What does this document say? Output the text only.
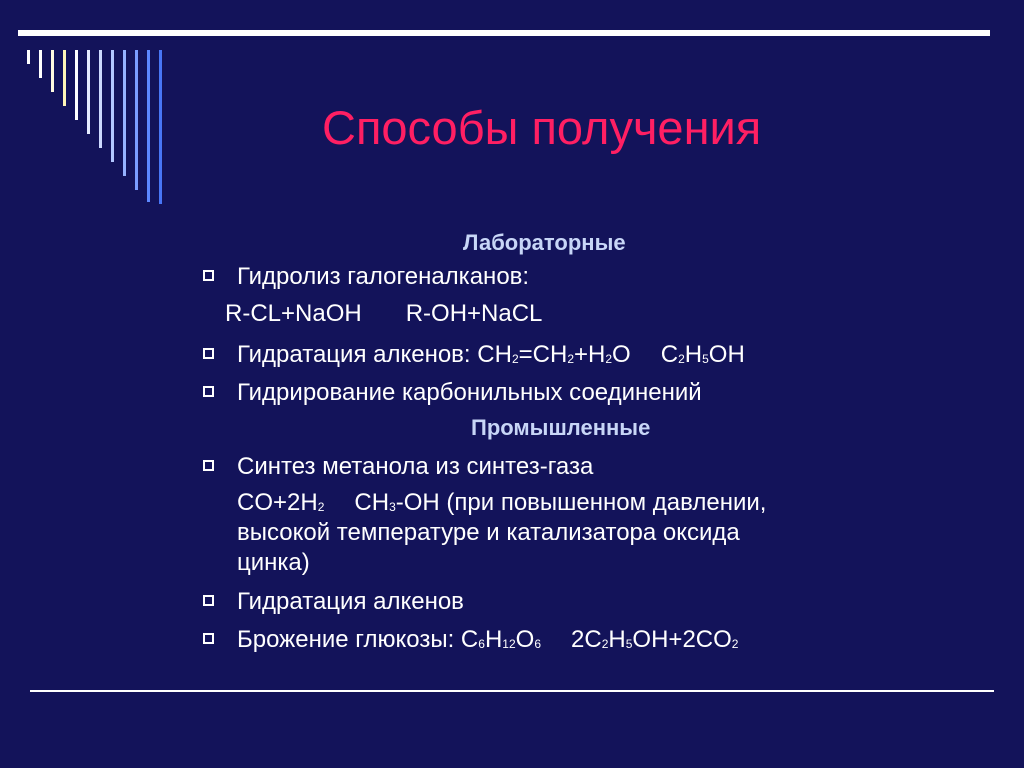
Способы получения
Лабораторные
Гидролиз галогеналканов:
R-CL+NaOH R-OH+NaCL
Гидратация алкенов: $CH_2=CH_2+H_2O$ $C_2H_5OH$
Гидрирование карбонильных соединений
Промышленные
Синтез метанола из синтез-газа
$CO+2H_2$ $CH_3-OH$ (при повышенном давлении,
высокой температуре и катализатора оксида
цинка)
Гидратация алкенов
Брожение глюкозы: $C_6H_{12}O_6$ $2C_2H_5OH+2CO_2$
